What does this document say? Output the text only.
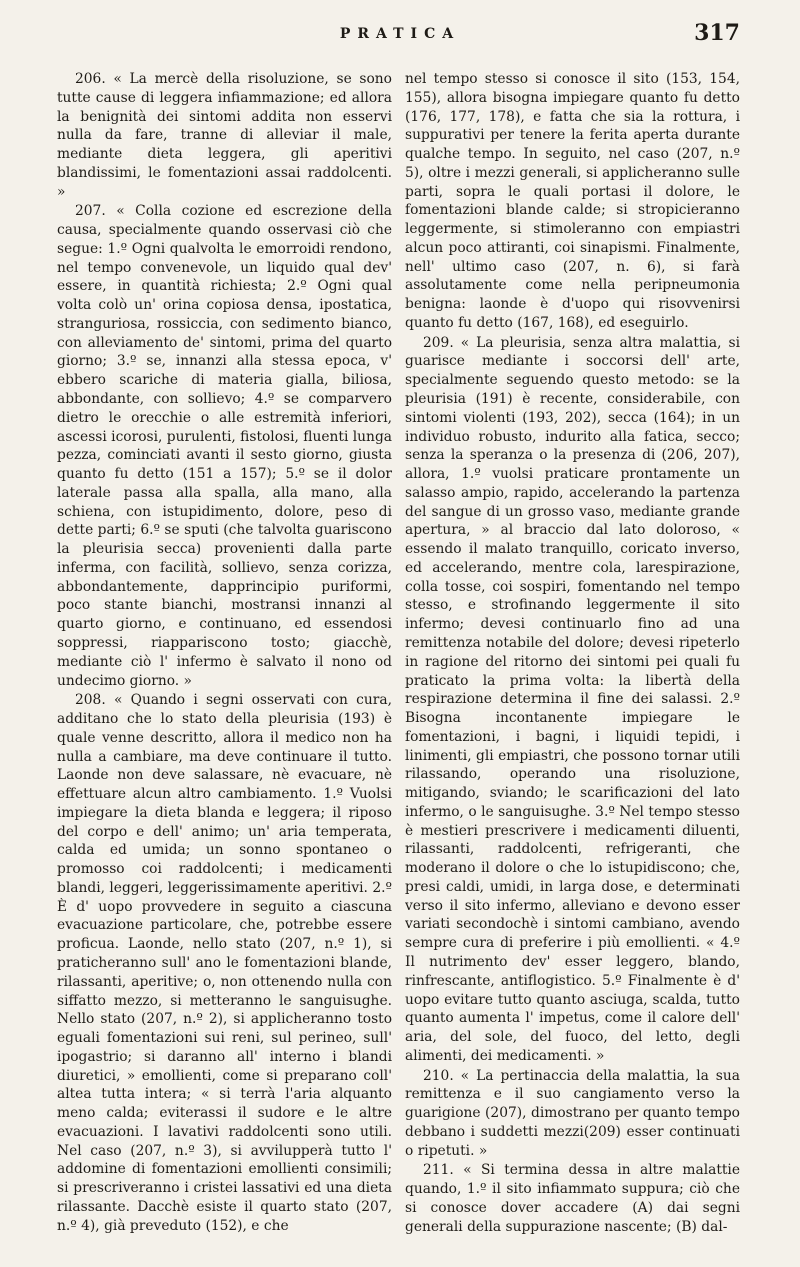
PRATICA	317

206. « La mercè della risoluzione, se sono tutte cause di leggera infiammazione; ed allora la benignità dei sintomi addita non esservi nulla da fare, tranne di alleviar il male, mediante dieta leggera, gli aperitivi blandissimi, le fomentazioni assai raddolcenti. »

207. « Colla cozione ed escrezione della causa, specialmente quando osservasi ciò che segue: 1.º Ogni qualvolta le emorroidi rendono, nel tempo convenevole, un liquido qual dev' essere, in quantità richiesta; 2.º Ogni qual volta colò un' orina copiosa densa, ipostatica, stranguriosa, rossiccia, con sedimento bianco, con alleviamento de' sintomi, prima del quarto giorno; 3.º se, innanzi alla stessa epoca, v' ebbero scariche di materia gialla, biliosa, abbondante, con sollievo; 4.º se comparvero dietro le orecchie o alle estremità inferiori, ascessi icorosi, purulenti, fistolosi, fluenti lunga pezza, cominciati avanti il sesto giorno, giusta quanto fu detto (151 a 157); 5.º se il dolor laterale passa alla spalla, alla mano, alla schiena, con istupidimento, dolore, peso di dette parti; 6.º se sputi (che talvolta guariscono la pleurisia secca) provenienti dalla parte inferma, con facilità, sollievo, senza corizza, abbondantemente, dapprincipio puriformi, poco stante bianchi, mostransi innanzi al quarto giorno, e continuano, ed essendosi soppressi, riappariscono tosto; giacchè, mediante ciò l' infermo è salvato il nono od undecimo giorno. »

208. « Quando i segni osservati con cura, additano che lo stato della pleurisia (193) è quale venne descritto, allora il medico non ha nulla a cambiare, ma deve continuare il tutto. Laonde non deve salassare, nè evacuare, nè effettuare alcun altro cambiamento. 1.º Vuolsi impiegare la dieta blanda e leggera; il riposo del corpo e dell' animo; un' aria temperata, calda ed umida; un sonno spontaneo o promosso coi raddolcenti; i medicamenti blandi, leggeri, leggerissimamente aperitivi. 2.º È d' uopo provvedere in seguito a ciascuna evacuazione particolare, che, potrebbe essere proficua. Laonde, nello stato (207, n.º 1), si praticheranno sull' ano le fomentazioni blande, rilassanti, aperitive; o, non ottenendo nulla con siffatto mezzo, si metteranno le sanguisughe. Nello stato (207, n.º 2), si applicheranno tosto eguali fomentazioni sui reni, sul perineo, sull' ipogastrio; si daranno all' interno i blandi diuretici, » emollienti, come si preparano coll' altea tutta intera; « si terrà l'aria alquanto meno calda; eviterassi il sudore e le altre evacuazioni. I lavativi raddolcenti sono utili. Nel caso (207, n.º 3), si avvilupperà tutto l' addomine di fomentazioni emollienti consimili; si prescriveranno i cristei lassativi ed una dieta rilassante. Dacchè esiste il quarto stato (207, n.º 4), già preveduto (152), e che

nel tempo stesso si conosce il sito (153, 154, 155), allora bisogna impiegare quanto fu detto (176, 177, 178), e fatta che sia la rottura, i suppurativi per tenere la ferita aperta durante qualche tempo. In seguito, nel caso (207, n.º 5), oltre i mezzi generali, si applicheranno sulle parti, sopra le quali portasi il dolore, le fomentazioni blande calde; si stropicieranno leggermente, si stimoleranno con empiastri alcun poco attiranti, coi sinapismi. Finalmente, nell' ultimo caso (207, n. 6), si farà assolutamente come nella peripneumonia benigna: laonde è d'uopo qui risovvenirsi quanto fu detto (167, 168), ed eseguirlo.

209. « La pleurisia, senza altra malattia, si guarisce mediante i soccorsi dell' arte, specialmente seguendo questo metodo: se la pleurisia (191) è recente, considerabile, con sintomi violenti (193, 202), secca (164); in un individuo robusto, indurito alla fatica, secco; senza la speranza o la presenza di (206, 207), allora, 1.º vuolsi praticare prontamente un salasso ampio, rapido, accelerando la partenza del sangue di un grosso vaso, mediante grande apertura, » al braccio dal lato doloroso, « essendo il malato tranquillo, coricato inverso, ed accelerando, mentre cola, larespirazione, colla tosse, coi sospiri, fomentando nel tempo stesso, e strofinando leggermente il sito infermo; devesi continuarlo fino ad una remittenza notabile del dolore; devesi ripeterlo in ragione del ritorno dei sintomi pei quali fu praticato la prima volta: la libertà della respirazione determina il fine dei salassi. 2.º Bisogna incontanente impiegare le fomentazioni, i bagni, i liquidi tepidi, i linimenti, gli empiastri, che possono tornar utili rilassando, operando una risoluzione, mitigando, sviando; le scarificazioni del lato infermo, o le sanguisughe. 3.º Nel tempo stesso è mestieri prescrivere i medicamenti diluenti, rilassanti, raddolcenti, refrigeranti, che moderano il dolore o che lo istupidiscono; che, presi caldi, umidi, in larga dose, e determinati verso il sito infermo, alleviano e devono esser variati secondochè i sintomi cambiano, avendo sempre cura di preferire i più emollienti. « 4.º Il nutrimento dev' esser leggero, blando, rinfrescante, antiflogistico. 5.º Finalmente è d' uopo evitare tutto quanto asciuga, scalda, tutto quanto aumenta l' impetus, come il calore dell' aria, del sole, del fuoco, del letto, degli alimenti, dei medicamenti. »

210. « La pertinaccia della malattia, la sua remittenza e il suo cangiamento verso la guarigione (207), dimostrano per quanto tempo debbano i suddetti mezzi(209) esser continuati o ripetuti. »

211. « Si termina dessa in altre malattie quando, 1.º il sito infiammato suppura; ciò che si conosce dover accadere (A) dai segni generali della suppurazione nascente; (B) dal-
